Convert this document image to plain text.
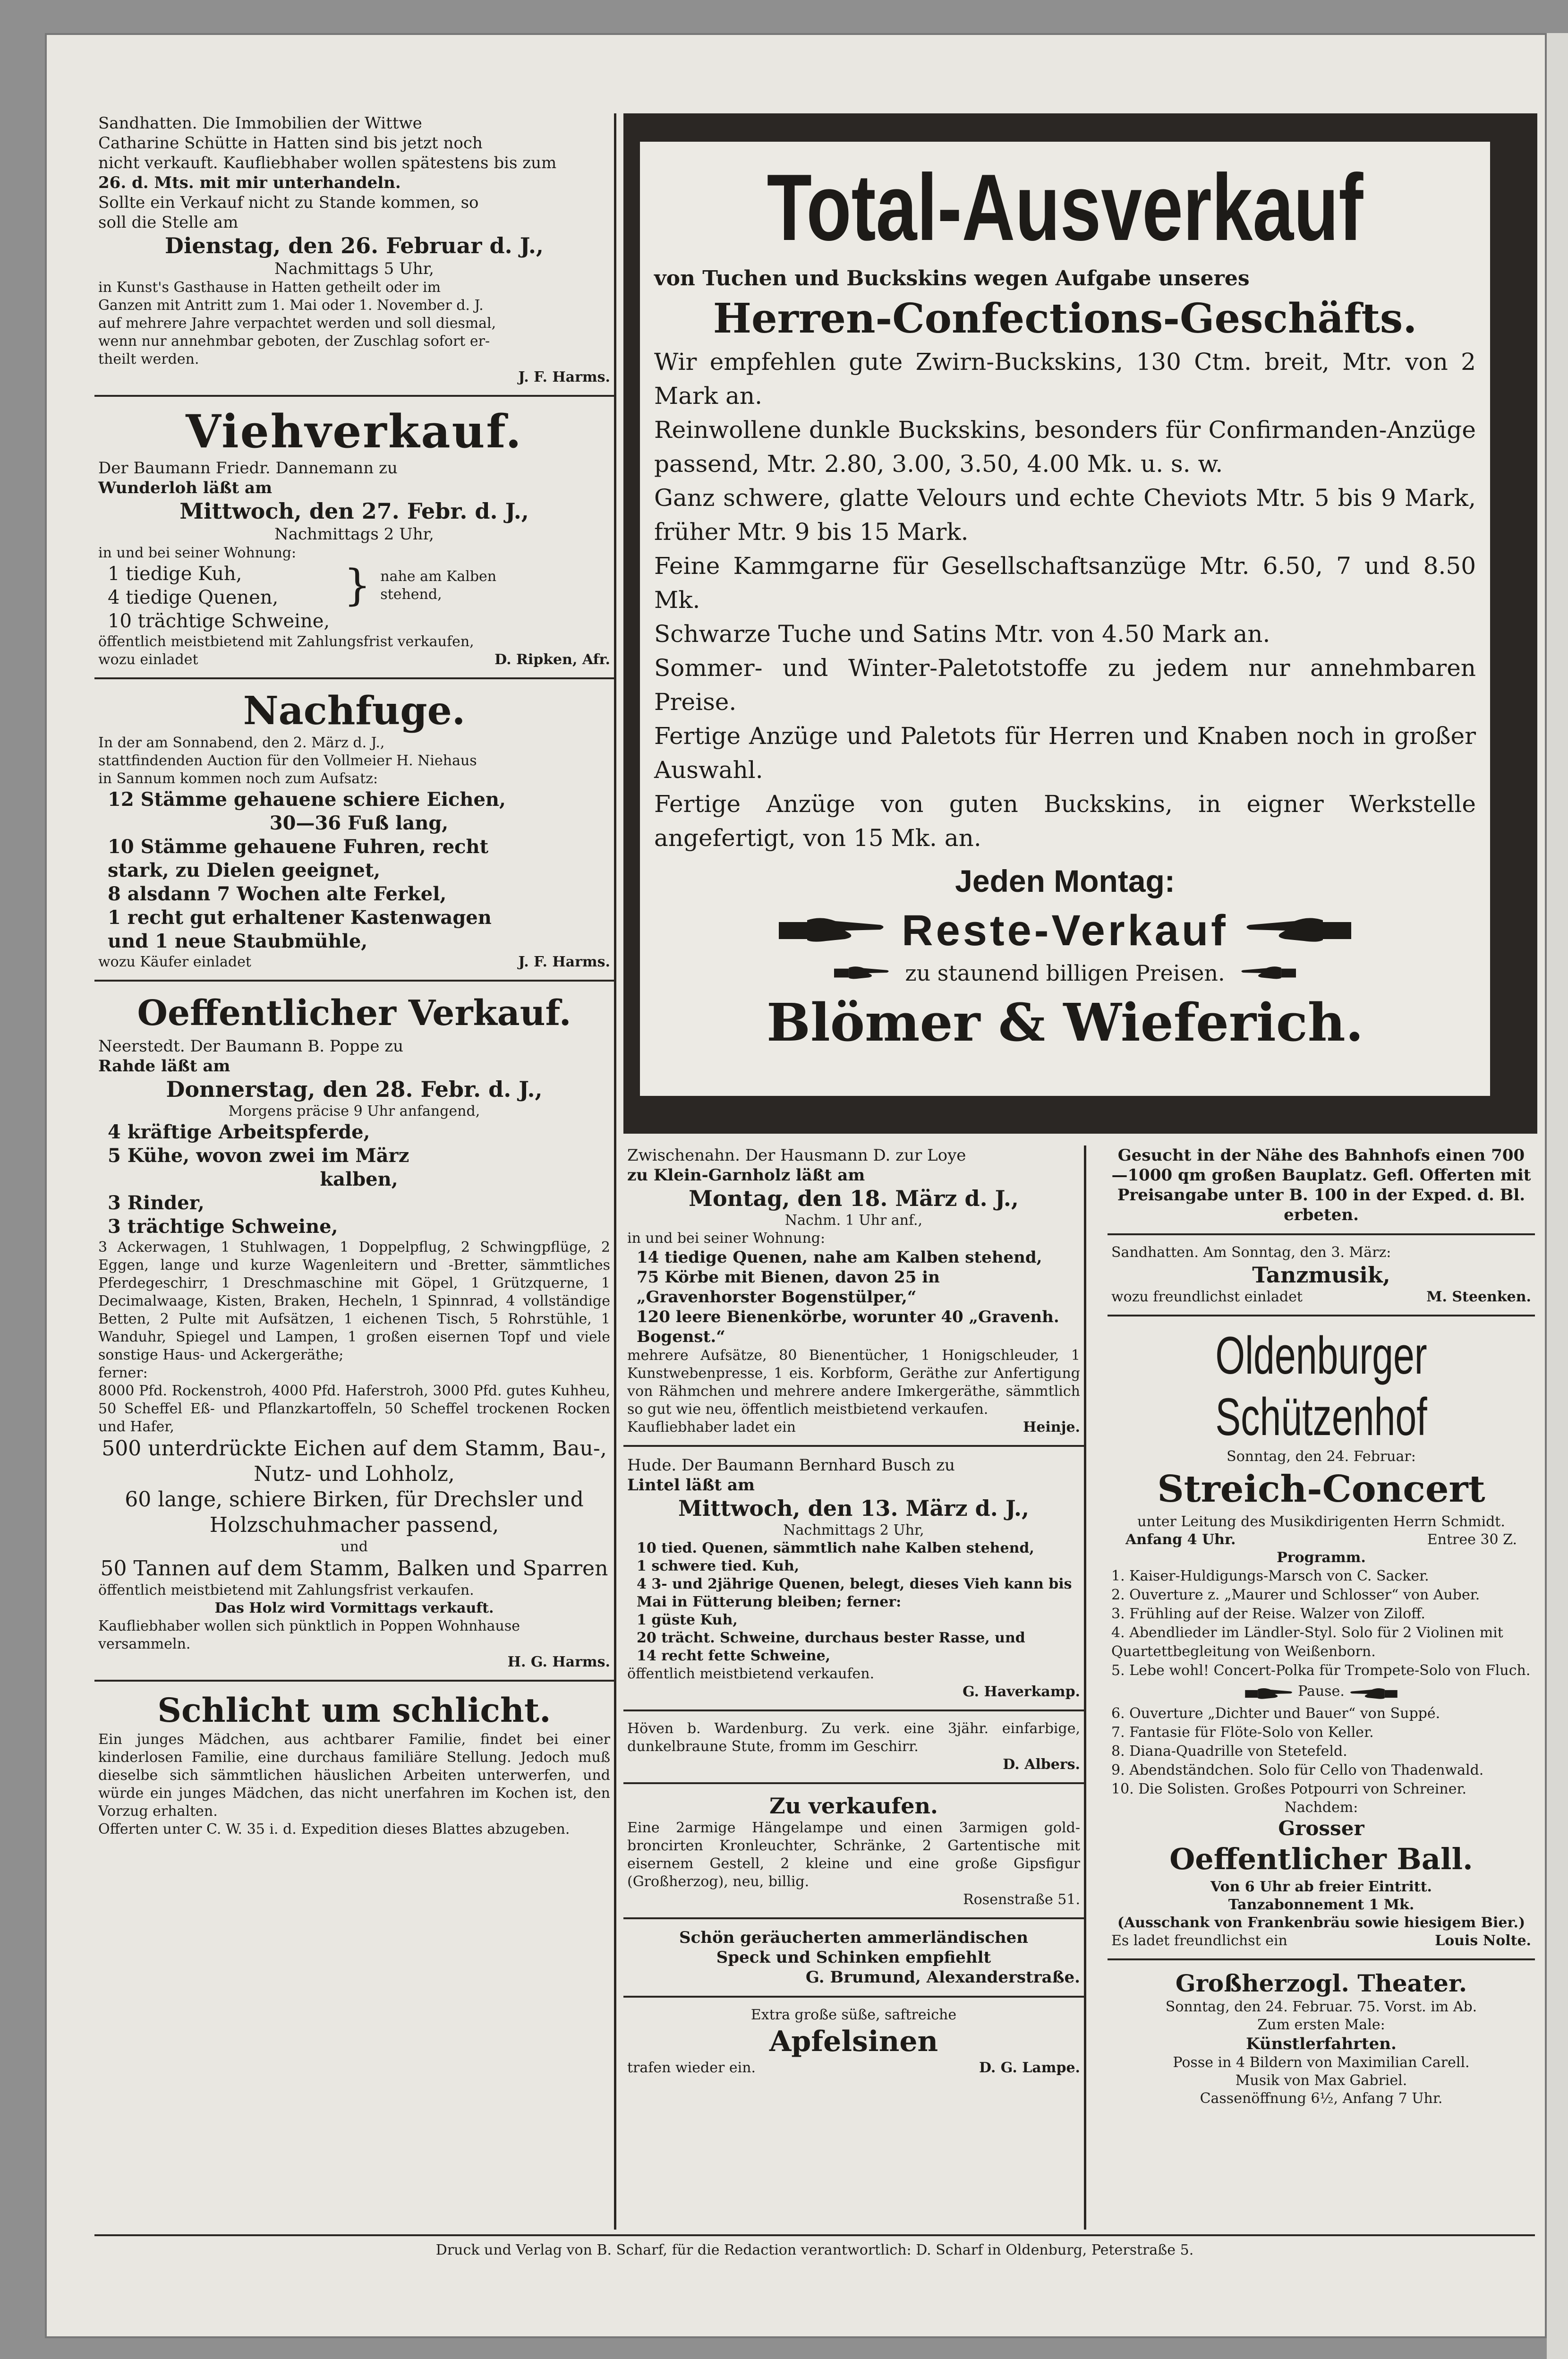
Sandhatten. Die Immobilien der Wittwe

Catharine Schütte in Hatten sind bis jetzt noch

nicht verkauft. Kaufliebhaber wollen spätestens bis zum

26. d. Mts. mit mir unterhandeln.

Sollte ein Verkauf nicht zu Stande kommen, so

soll die Stelle am

Dienstag, den 26. Februar d. J.,

Nachmittags 5 Uhr,

in Kunst's Gasthause in Hatten getheilt oder im

Ganzen mit Antritt zum 1. Mai oder 1. November d. J.

auf mehrere Jahre verpachtet werden und soll diesmal,

wenn nur annehmbar geboten, der Zuschlag sofort er-

theilt werden.

J. F. Harms.

Viehverkauf.

Der Baumann Friedr. Dannemann zu

Wunderloh läßt am

Mittwoch, den 27. Febr. d. J.,

Nachmittags 2 Uhr,

in und bei seiner Wohnung:

1 tiedige Kuh,

4 tiedige Quenen,	} nahe am Kalben stehend,

10 trächtige Schweine,

öffentlich meistbietend mit Zahlungsfrist verkaufen,

wozu einladet	D. Ripken, Afr.

Nachfuge.

In der am Sonnabend, den 2. März d. J.,

stattfindenden Auction für den Vollmeier H. Niehaus

in Sannum kommen noch zum Aufsatz:

12 Stämme gehauene schiere Eichen,

30—36 Fuß lang,

10 Stämme gehauene Fuhren, recht

stark, zu Dielen geeignet,

8 alsdann 7 Wochen alte Ferkel,

1 recht gut erhaltener Kastenwagen

und 1 neue Staubmühle,

wozu Käufer einladet	J. F. Harms.

Oeffentlicher Verkauf.

Neerstedt. Der Baumann B. Poppe zu

Rahde läßt am

Donnerstag, den 28. Febr. d. J.,

Morgens präcise 9 Uhr anfangend,

4 kräftige Arbeitspferde,

5 Kühe, wovon zwei im März

kalben,

3 Rinder,

3 trächtige Schweine,

3 Ackerwagen, 1 Stuhlwagen, 1 Doppelpflug, 2 Schwingpflüge, 2 Eggen, lange und kurze Wagenleitern und -Bretter, sämmtliches Pferdegeschirr, 1 Dreschmaschine mit Göpel, 1 Grützquerne, 1 Decimalwaage, Kisten, Braken, Hecheln, 1 Spinnrad, 4 vollständige Betten, 2 Pulte mit Aufsätzen, 1 eichenen Tisch, 5 Rohrstühle, 1 Wanduhr, Spiegel und Lampen, 1 großen eisernen Topf und viele sonstige Haus- und Ackergeräthe;

ferner:

8000 Pfd. Rockenstroh, 4000 Pfd. Haferstroh, 3000 Pfd. gutes Kuhheu, 50 Scheffel Eß- und Pflanzkartoffeln, 50 Scheffel trockenen Rocken und Hafer,

500 unterdrückte Eichen auf dem Stamm, Bau-, Nutz- und Lohholz,

60 lange, schiere Birken, für Drechsler und Holzschuhmacher passend,

und

50 Tannen auf dem Stamm, Balken und Sparren

öffentlich meistbietend mit Zahlungsfrist verkaufen.

Das Holz wird Vormittags verkauft.

Kaufliebhaber wollen sich pünktlich in Poppen Wohnhause versammeln.

H. G. Harms.

Schlicht um schlicht.

Ein junges Mädchen, aus achtbarer Familie, findet bei einer kinderlosen Familie, eine durchaus familiäre Stellung. Jedoch muß dieselbe sich sämmtlichen häuslichen Arbeiten unterwerfen, und würde ein junges Mädchen, das nicht unerfahren im Kochen ist, den Vorzug erhalten.

Offerten unter C. W. 35 i. d. Expedition dieses Blattes abzugeben.

Total-Ausverkauf

von Tuchen und Buckskins wegen Aufgabe unseres

Herren-Confections-Geschäfts.

Wir empfehlen gute Zwirn-Buckskins, 130 Ctm. breit, Mtr. von 2 Mark an.

Reinwollene dunkle Buckskins, besonders für Confirmanden-Anzüge passend, Mtr. 2.80, 3.00, 3.50, 4.00 Mk. u. s. w.

Ganz schwere, glatte Velours und echte Cheviots Mtr. 5 bis 9 Mark, früher Mtr. 9 bis 15 Mark.

Feine Kammgarne für Gesellschaftsanzüge Mtr. 6.50, 7 und 8.50 Mk.

Schwarze Tuche und Satins Mtr. von 4.50 Mark an.

Sommer- und Winter-Paletotstoffe zu jedem nur annehmbaren Preise.

Fertige Anzüge und Paletots für Herren und Knaben noch in großer Auswahl.

Fertige Anzüge von guten Buckskins, in eigner Werkstelle angefertigt, von 15 Mk. an.

Jeden Montag:

Reste-Verkauf
zu staunend billigen Preisen.

Blömer & Wieferich.

Zwischenahn. Der Hausmann D. zur Loye

zu Klein-Garnholz läßt am

Montag, den 18. März d. J.,

Nachm. 1 Uhr anf.,

in und bei seiner Wohnung:

14 tiedige Quenen, nahe am Kalben stehend,

75 Körbe mit Bienen, davon 25 in „Gravenhorster Bogenstülper,“

120 leere Bienenkörbe, worunter 40 „Gravenh. Bogenst.“

mehrere Aufsätze, 80 Bienentücher, 1 Honigschleuder, 1 Kunstwebenpresse, 1 eis. Korbform, Geräthe zur Anfertigung von Rähmchen und mehrere andere Imkergeräthe, sämmtlich so gut wie neu, öffentlich meistbietend verkaufen.

Kaufliebhaber ladet ein	Heinje.

Hude. Der Baumann Bernhard Busch zu

Lintel läßt am

Mittwoch, den 13. März d. J.,

Nachmittags 2 Uhr,

10 tied. Quenen, sämmtlich nahe Kalben stehend,

1 schwere tied. Kuh,

4 3- und 2jährige Quenen, belegt, dieses Vieh kann bis Mai in Fütterung bleiben; ferner:

1 güste Kuh,

20 trächt. Schweine, durchaus bester Rasse, und

14 recht fette Schweine,

öffentlich meistbietend verkaufen.

G. Haverkamp.

Höven b. Wardenburg. Zu verk. eine 3jähr. einfarbige, dunkelbraune Stute, fromm im Geschirr.

D. Albers.

Zu verkaufen.

Eine 2armige Hängelampe und einen 3armigen gold-broncirten Kronleuchter, Schränke, 2 Gartentische mit eisernem Gestell, 2 kleine und eine große Gipsfigur (Großherzog), neu, billig.

Rosenstraße 51.

Schön geräucherten ammerländischen

Speck und Schinken empfiehlt

G. Brumund, Alexanderstraße.

Extra große süße, saftreiche

Apfelsinen

trafen wieder ein.	D. G. Lampe.

Gesucht in der Nähe des Bahnhofs einen 700—1000 qm großen Bauplatz. Gefl. Offerten mit Preisangabe unter B. 100 in der Exped. d. Bl. erbeten.

Sandhatten. Am Sonntag, den 3. März:

Tanzmusik,

wozu freundlichst einladet	M. Steenken.

Oldenburger Schützenhof

Sonntag, den 24. Februar:

Streich-Concert

unter Leitung des Musikdirigenten Herrn Schmidt.

Anfang 4 Uhr.	Entree 30 Z.

Programm.

1. Kaiser-Huldigungs-Marsch von C. Sacker.

2. Ouverture z. „Maurer und Schlosser“ von Auber.

3. Frühling auf der Reise. Walzer von Ziloff.

4. Abendlieder im Ländler-Styl. Solo für 2 Violinen mit Quartettbegleitung von Weißenborn.

5. Lebe wohl! Concert-Polka für Trompete-Solo von Fluch.

Pause.

6. Ouverture „Dichter und Bauer“ von Suppé.

7. Fantasie für Flöte-Solo von Keller.

8. Diana-Quadrille von Stetefeld.

9. Abendständchen. Solo für Cello von Thadenwald.

10. Die Solisten. Großes Potpourri von Schreiner.

Nachdem:

Grosser

Oeffentlicher Ball.

Von 6 Uhr ab freier Eintritt.

Tanzabonnement 1 Mk.

(Ausschank von Frankenbräu sowie hiesigem Bier.)

Es ladet freundlichst ein	Louis Nolte.

Großherzogl. Theater.

Sonntag, den 24. Februar. 75. Vorst. im Ab.

Zum ersten Male:

Künstlerfahrten.

Posse in 4 Bildern von Maximilian Carell.

Musik von Max Gabriel.

Cassenöffnung 6½, Anfang 7 Uhr.

Druck und Verlag von B. Scharf, für die Redaction verantwortlich: D. Scharf in Oldenburg, Peterstraße 5.
